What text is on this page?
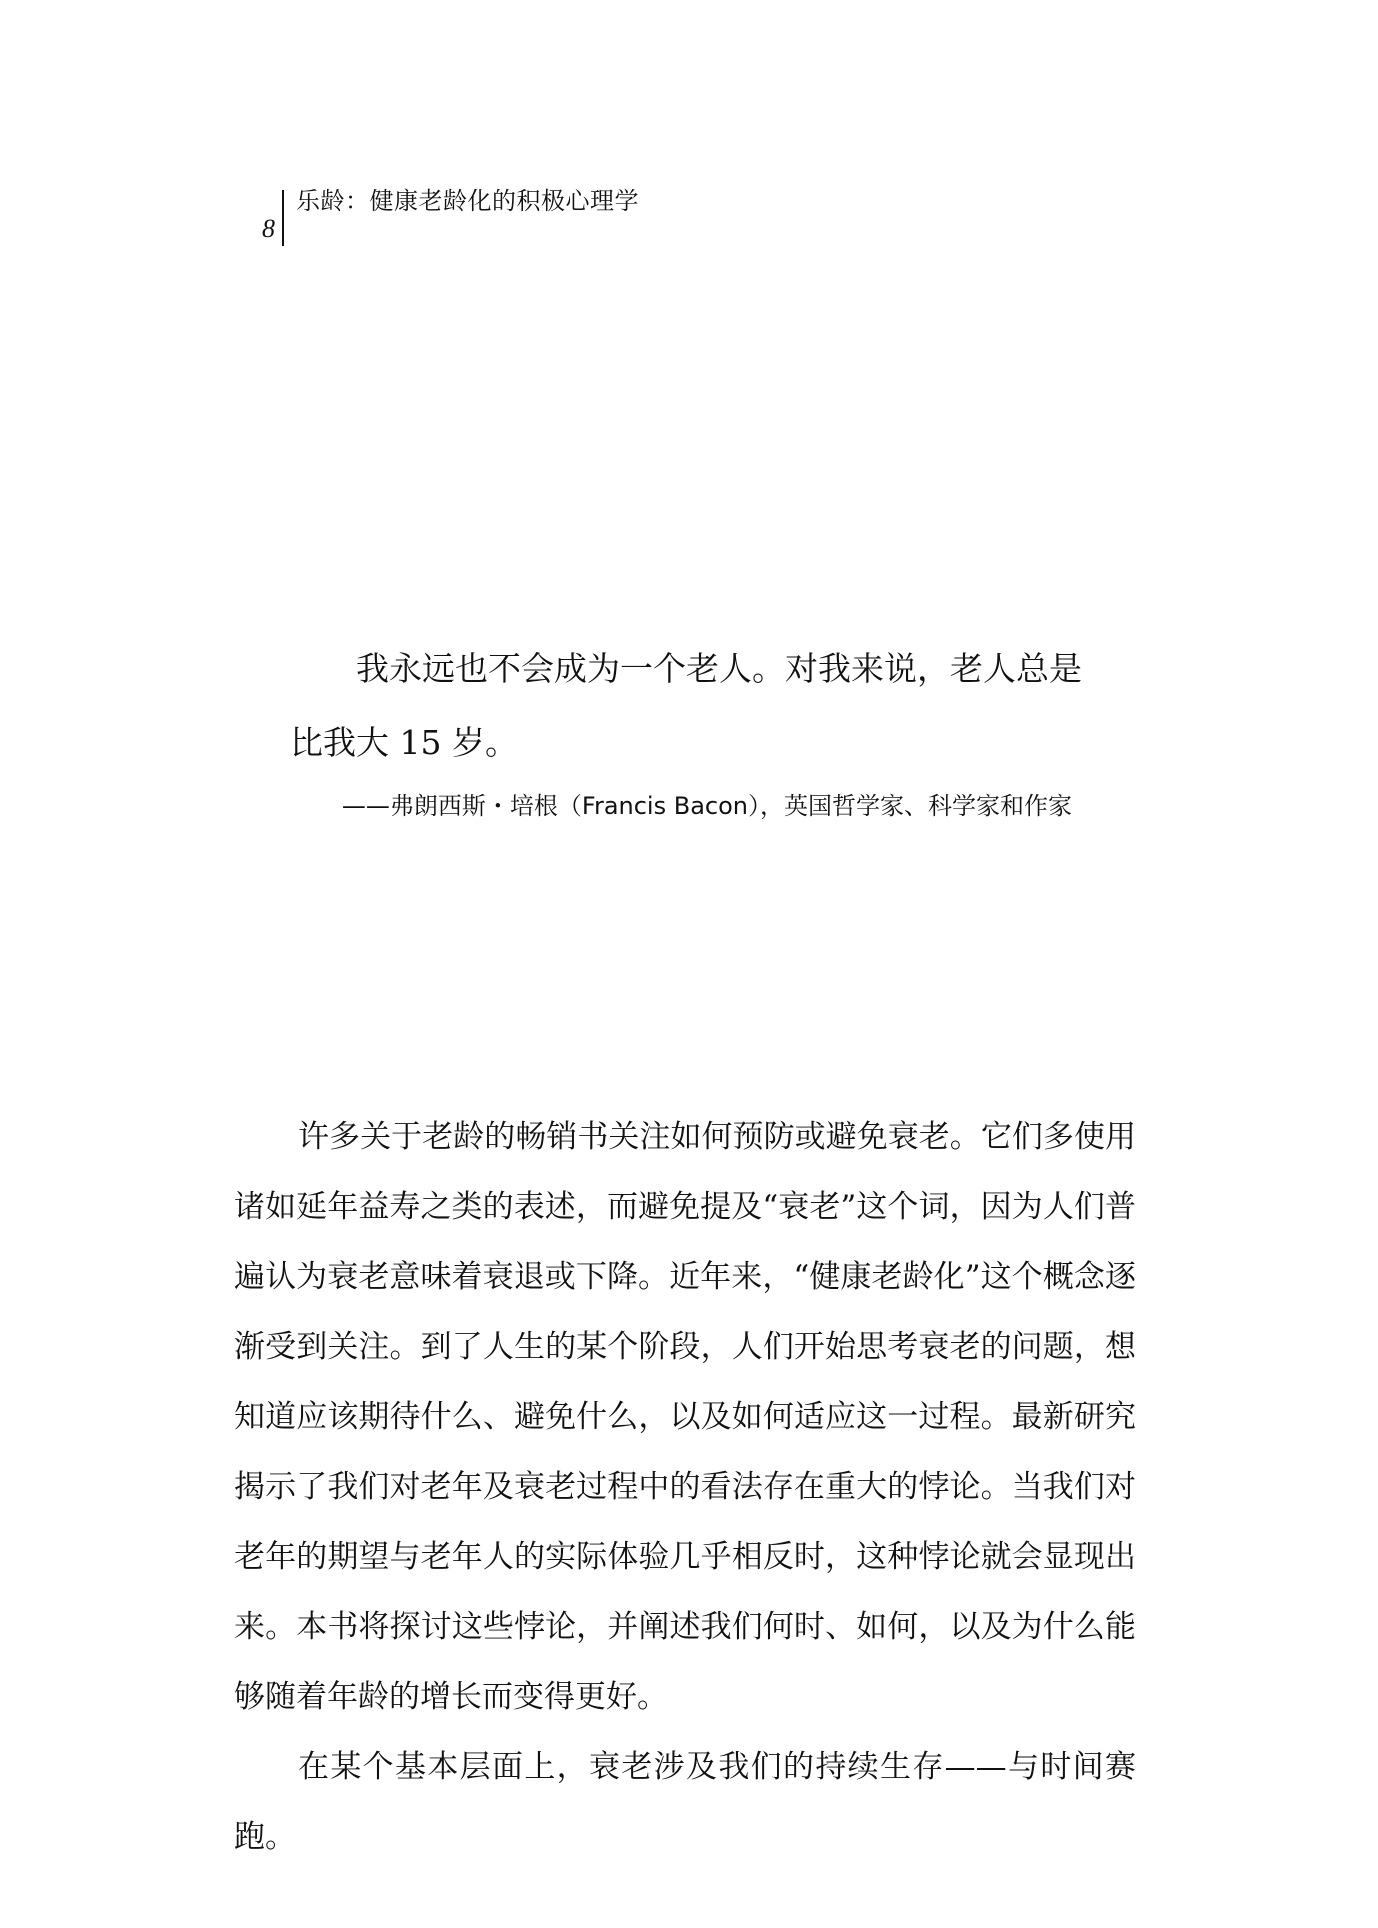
8
乐龄：健康老龄化的积极心理学

我永远也不会成为一个老人。对我来说，老人总是比我大 15 岁。

——弗朗西斯・培根（Francis Bacon），英国哲学家、科学家和作家

许多关于老龄的畅销书关注如何预防或避免衰老。它们多使用诸如延年益寿之类的表述，而避免提及“衰老”这个词，因为人们普遍认为衰老意味着衰退或下降。近年来，“健康老龄化”这个概念逐渐受到关注。到了人生的某个阶段，人们开始思考衰老的问题，想知道应该期待什么、避免什么，以及如何适应这一过程。最新研究揭示了我们对老年及衰老过程中的看法存在重大的悖论。当我们对老年的期望与老年人的实际体验几乎相反时，这种悖论就会显现出来。本书将探讨这些悖论，并阐述我们何时、如何，以及为什么能够随着年龄的增长而变得更好。

在某个基本层面上，衰老涉及我们的持续生存——与时间赛跑。
